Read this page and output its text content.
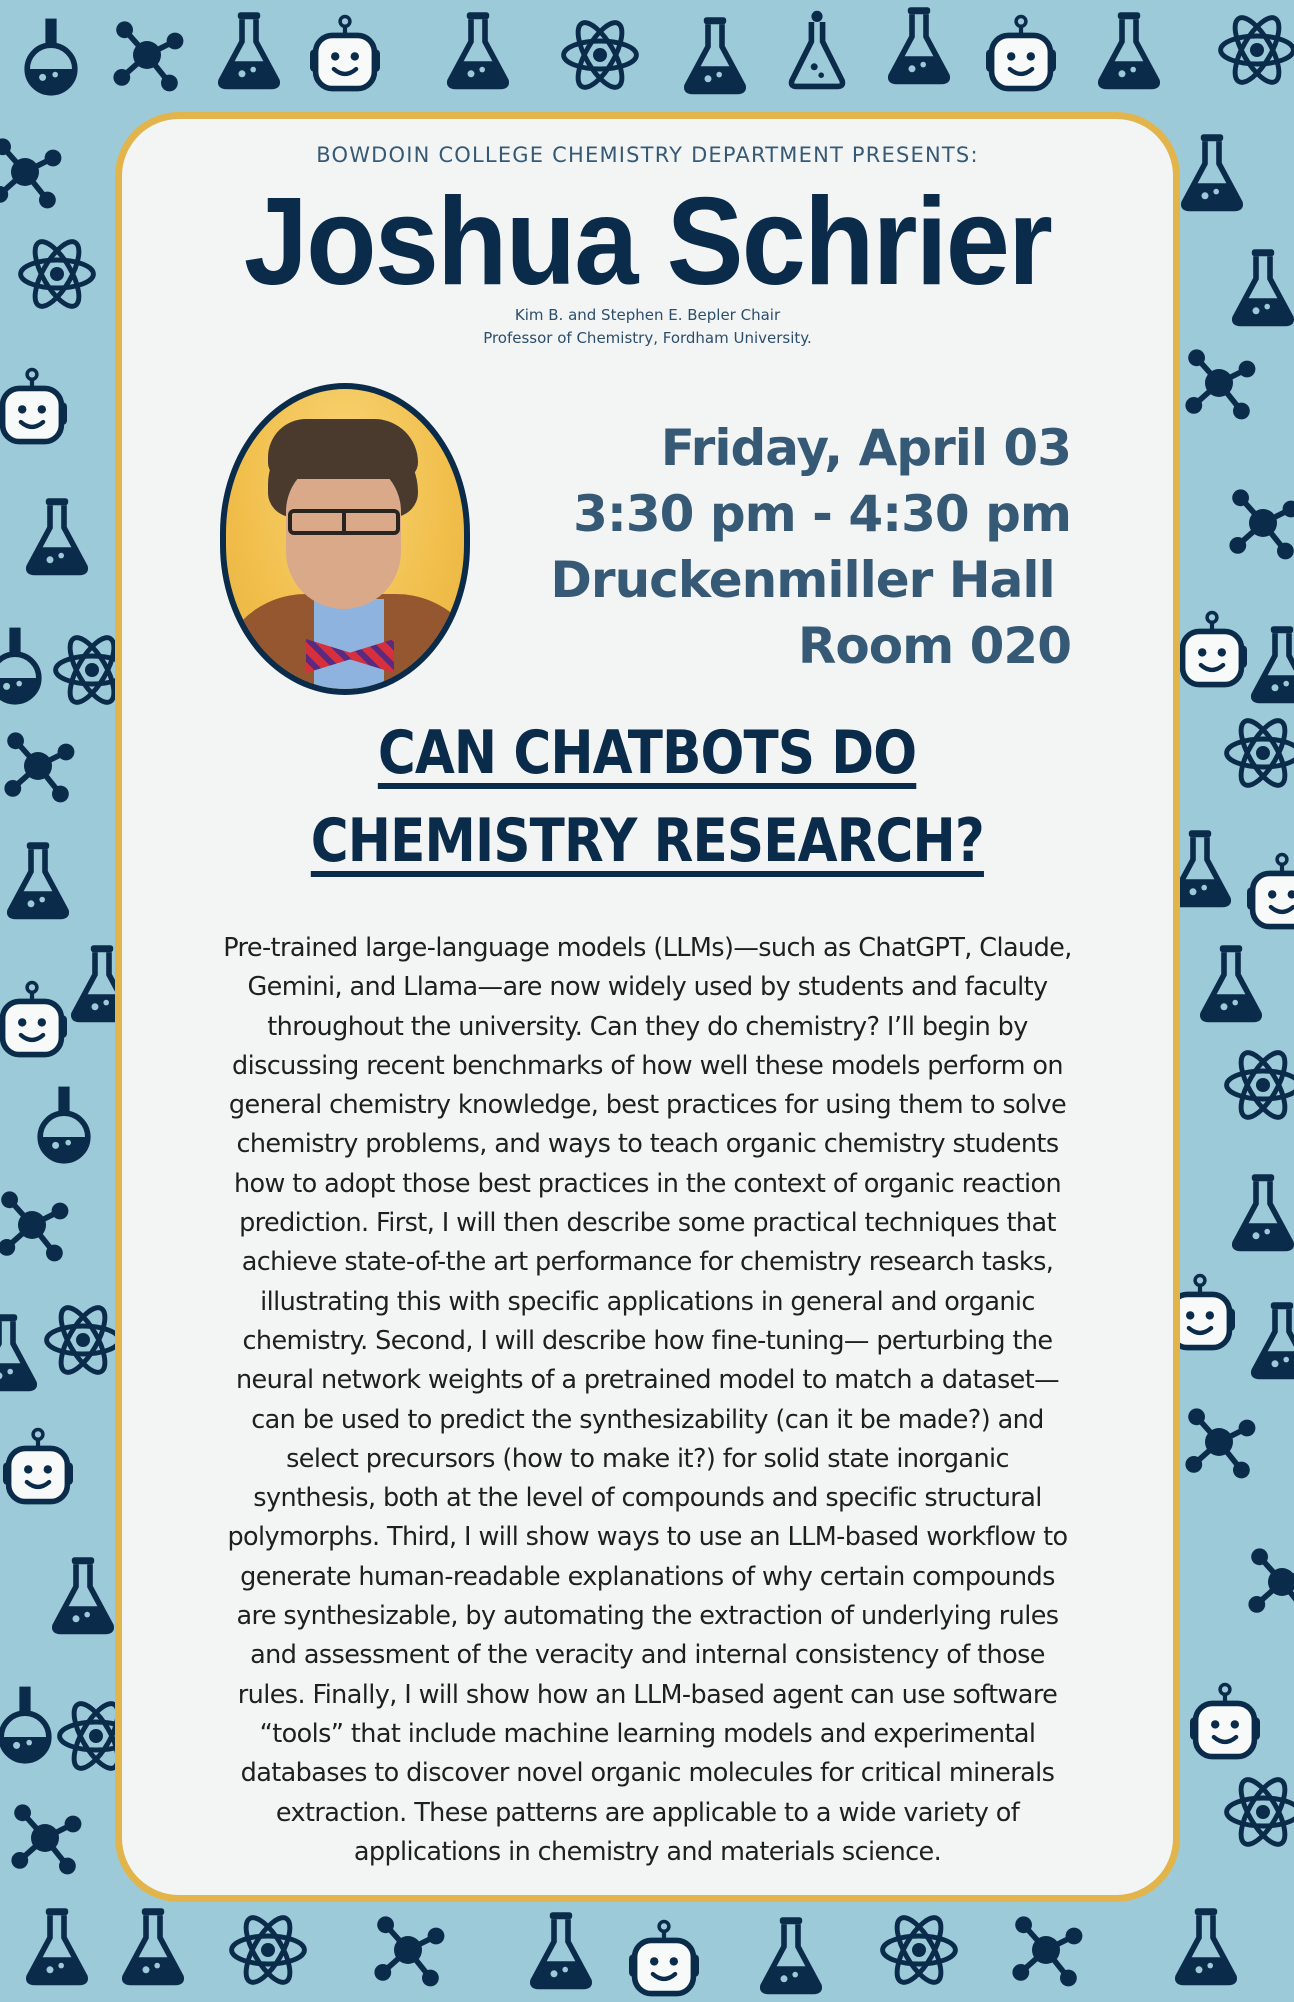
BOWDOIN COLLEGE CHEMISTRY DEPARTMENT PRESENTS:
Joshua Schrier
Kim B. and Stephen E. Bepler Chair
Professor of Chemistry, Fordham University.
Friday, April 03
3:30 pm - 4:30 pm
Druckenmiller Hall
Room 020
CAN CHATBOTS DO
CHEMISTRY RESEARCH?
Pre-trained large-language models (LLMs)—such as ChatGPT, Claude,
Gemini, and Llama—are now widely used by students and faculty
throughout the university. Can they do chemistry? I’ll begin by
discussing recent benchmarks of how well these models perform on
general chemistry knowledge, best practices for using them to solve
chemistry problems, and ways to teach organic chemistry students
how to adopt those best practices in the context of organic reaction
prediction. First, I will then describe some practical techniques that
achieve state-of-the art performance for chemistry research tasks,
illustrating this with specific applications in general and organic
chemistry. Second, I will describe how fine-tuning— perturbing the
neural network weights of a pretrained model to match a dataset—
can be used to predict the synthesizability (can it be made?) and
select precursors (how to make it?) for solid state inorganic
synthesis, both at the level of compounds and specific structural
polymorphs. Third, I will show ways to use an LLM-based workflow to
generate human-readable explanations of why certain compounds
are synthesizable, by automating the extraction of underlying rules
and assessment of the veracity and internal consistency of those
rules. Finally, I will show how an LLM-based agent can use software
“tools” that include machine learning models and experimental
databases to discover novel organic molecules for critical minerals
extraction. These patterns are applicable to a wide variety of
applications in chemistry and materials science.
